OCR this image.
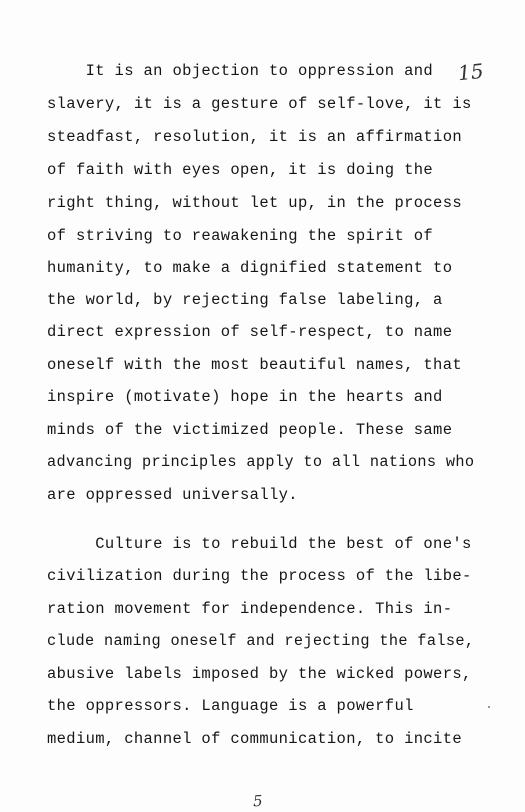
15
It is an objection to oppression and
slavery, it is a gesture of self-love, it is
steadfast, resolution, it is an affirmation
of faith with eyes open, it is doing the
right thing, without let up, in the process
of striving to reawakening the spirit of
humanity, to make a dignified statement to
the world, by rejecting false labeling, a
direct expression of self-respect, to name
oneself with the most beautiful names, that
inspire (motivate) hope in the hearts and
minds of the victimized people. These same
advancing principles apply to all nations who
are oppressed universally.
Culture is to rebuild the best of one's
civilization during the process of the libe-
ration movement for independence. This in-
clude naming oneself and rejecting the false,
abusive labels imposed by the wicked powers,
the oppressors. Language is a powerful
medium, channel of communication, to incite
5
